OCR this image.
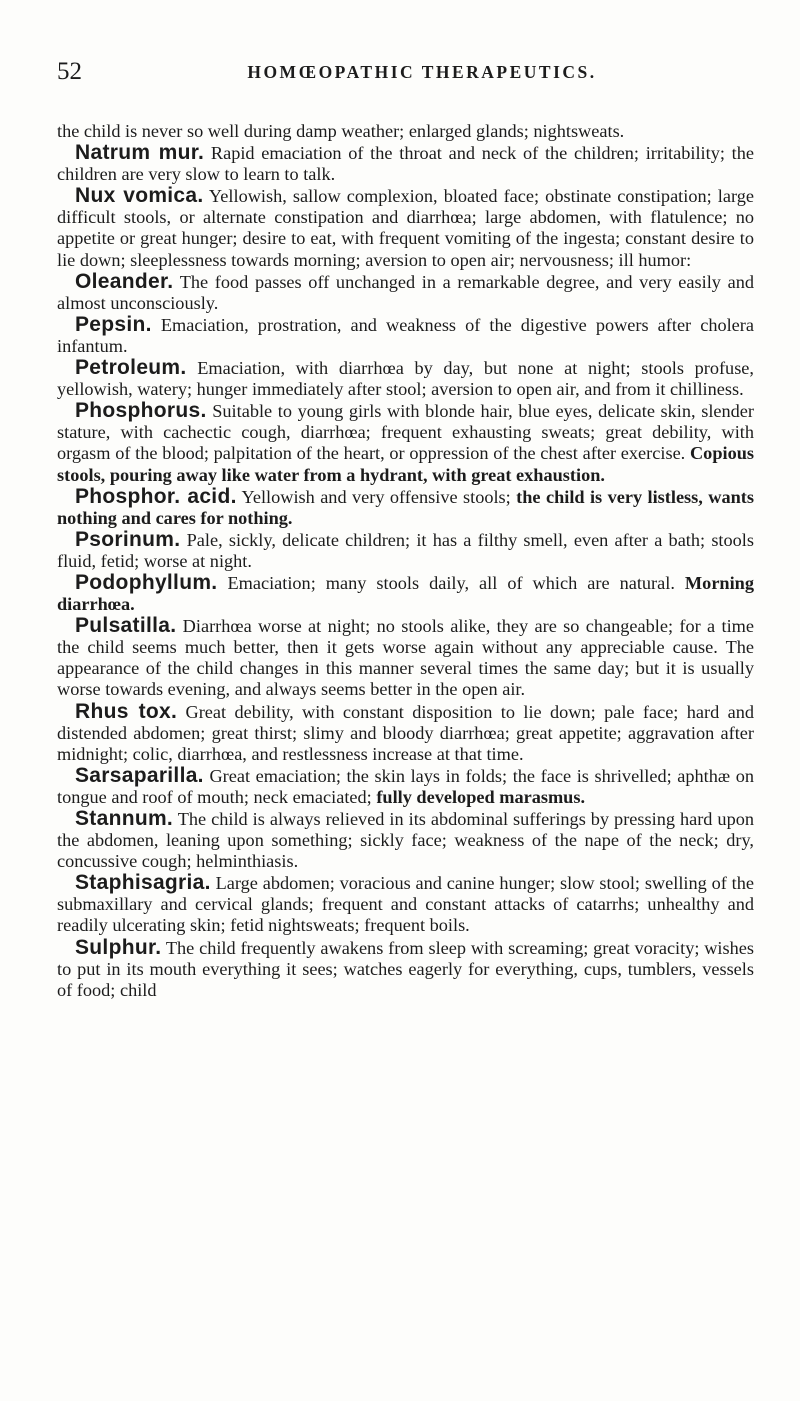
52	HOMŒOPATHIC THERAPEUTICS.

the child is never so well during damp weather; enlarged glands; nightsweats.

Natrum mur. Rapid emaciation of the throat and neck of the children; irritability; the children are very slow to learn to talk.

Nux vomica. Yellowish, sallow complexion, bloated face; obstinate constipation; large difficult stools, or alternate constipation and diarrhœa; large abdomen, with flatulence; no appetite or great hunger; desire to eat, with frequent vomiting of the ingesta; constant desire to lie down; sleeplessness towards morning; aversion to open air; nervousness; ill humor:

Oleander. The food passes off unchanged in a remarkable degree, and very easily and almost unconsciously.

Pepsin. Emaciation, prostration, and weakness of the digestive powers after cholera infantum.

Petroleum. Emaciation, with diarrhœa by day, but none at night; stools profuse, yellowish, watery; hunger immediately after stool; aversion to open air, and from it chilliness.

Phosphorus. Suitable to young girls with blonde hair, blue eyes, delicate skin, slender stature, with cachectic cough, diarrhœa; frequent exhausting sweats; great debility, with orgasm of the blood; palpitation of the heart, or oppression of the chest after exercise. Copious stools, pouring away like water from a hydrant, with great exhaustion.

Phosphor. acid. Yellowish and very offensive stools; the child is very listless, wants nothing and cares for nothing.

Psorinum. Pale, sickly, delicate children; it has a filthy smell, even after a bath; stools fluid, fetid; worse at night.

Podophyllum. Emaciation; many stools daily, all of which are natural. Morning diarrhœa.

Pulsatilla. Diarrhœa worse at night; no stools alike, they are so changeable; for a time the child seems much better, then it gets worse again without any appreciable cause. The appearance of the child changes in this manner several times the same day; but it is usually worse towards evening, and always seems better in the open air.

Rhus tox. Great debility, with constant disposition to lie down; pale face; hard and distended abdomen; great thirst; slimy and bloody diarrhœa; great appetite; aggravation after midnight; colic, diarrhœa, and restlessness increase at that time.

Sarsaparilla. Great emaciation; the skin lays in folds; the face is shrivelled; aphthæ on tongue and roof of mouth; neck emaciated; fully developed marasmus.

Stannum. The child is always relieved in its abdominal sufferings by pressing hard upon the abdomen, leaning upon something; sickly face; weakness of the nape of the neck; dry, concussive cough; helminthiasis.

Staphisagria. Large abdomen; voracious and canine hunger; slow stool; swelling of the submaxillary and cervical glands; frequent and constant attacks of catarrhs; unhealthy and readily ulcerating skin; fetid nightsweats; frequent boils.

Sulphur. The child frequently awakens from sleep with screaming; great voracity; wishes to put in its mouth everything it sees; watches eagerly for everything, cups, tumblers, vessels of food; child
